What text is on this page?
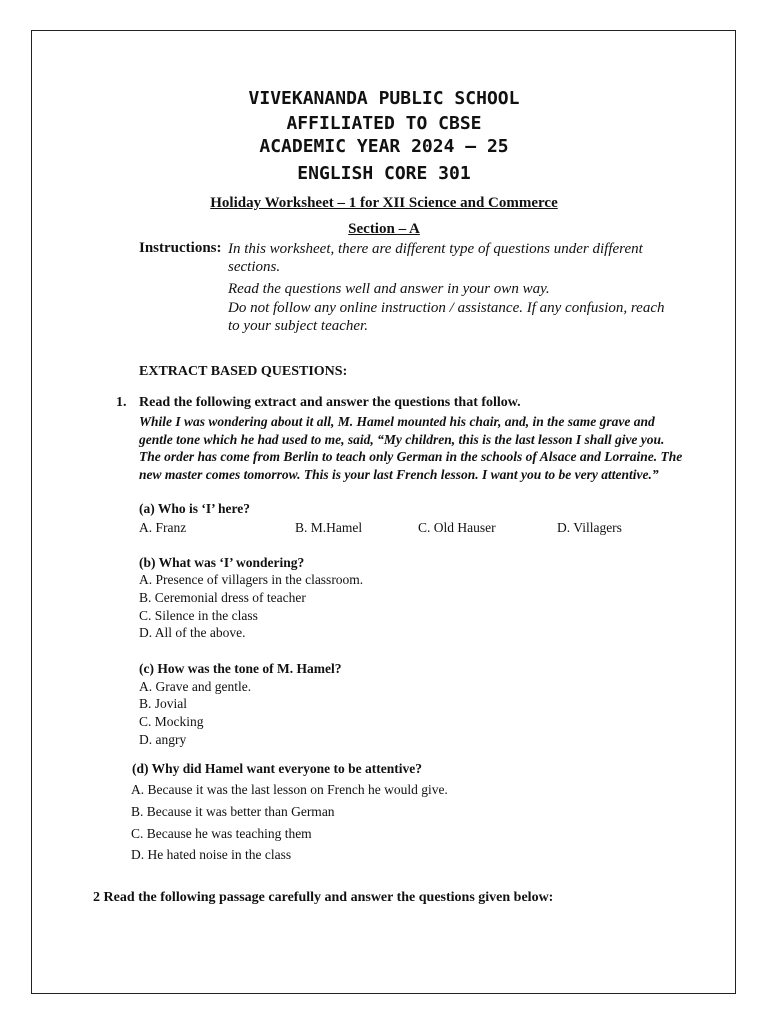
VIVEKANANDA PUBLIC SCHOOL
AFFILIATED TO CBSE
ACADEMIC YEAR 2024 – 25
ENGLISH CORE 301
Holiday Worksheet – 1 for XII Science and Commerce
Section – A
Instructions: In this worksheet, there are different type of questions under different sections.
Read the questions well and answer in your own way.
Do not follow any online instruction / assistance. If any confusion, reach to your subject teacher.
EXTRACT BASED QUESTIONS:
1. Read the following extract and answer the questions that follow.
While I was wondering about it all, M. Hamel mounted his chair, and, in the same grave and gentle tone which he had used to me, said, “My children, this is the last lesson I shall give you. The order has come from Berlin to teach only German in the schools of Alsace and Lorraine. The new master comes tomorrow. This is your last French lesson. I want you to be very attentive.”
(a) Who is ‘I’ here?
A. Franz	B. M.Hamel	C. Old Hauser	D. Villagers
(b) What was ‘I’ wondering?
A. Presence of villagers in the classroom.
B. Ceremonial dress of teacher
C. Silence in the class
D. All of the above.
(c) How was the tone of M. Hamel?
A. Grave and gentle.
B. Jovial
C. Mocking
D. angry
(d) Why did Hamel want everyone to be attentive?
A. Because it was the last lesson on French he would give.
B. Because it was better than German
C. Because he was teaching them
D. He hated noise in the class
2 Read the following passage carefully and answer the questions given below:
